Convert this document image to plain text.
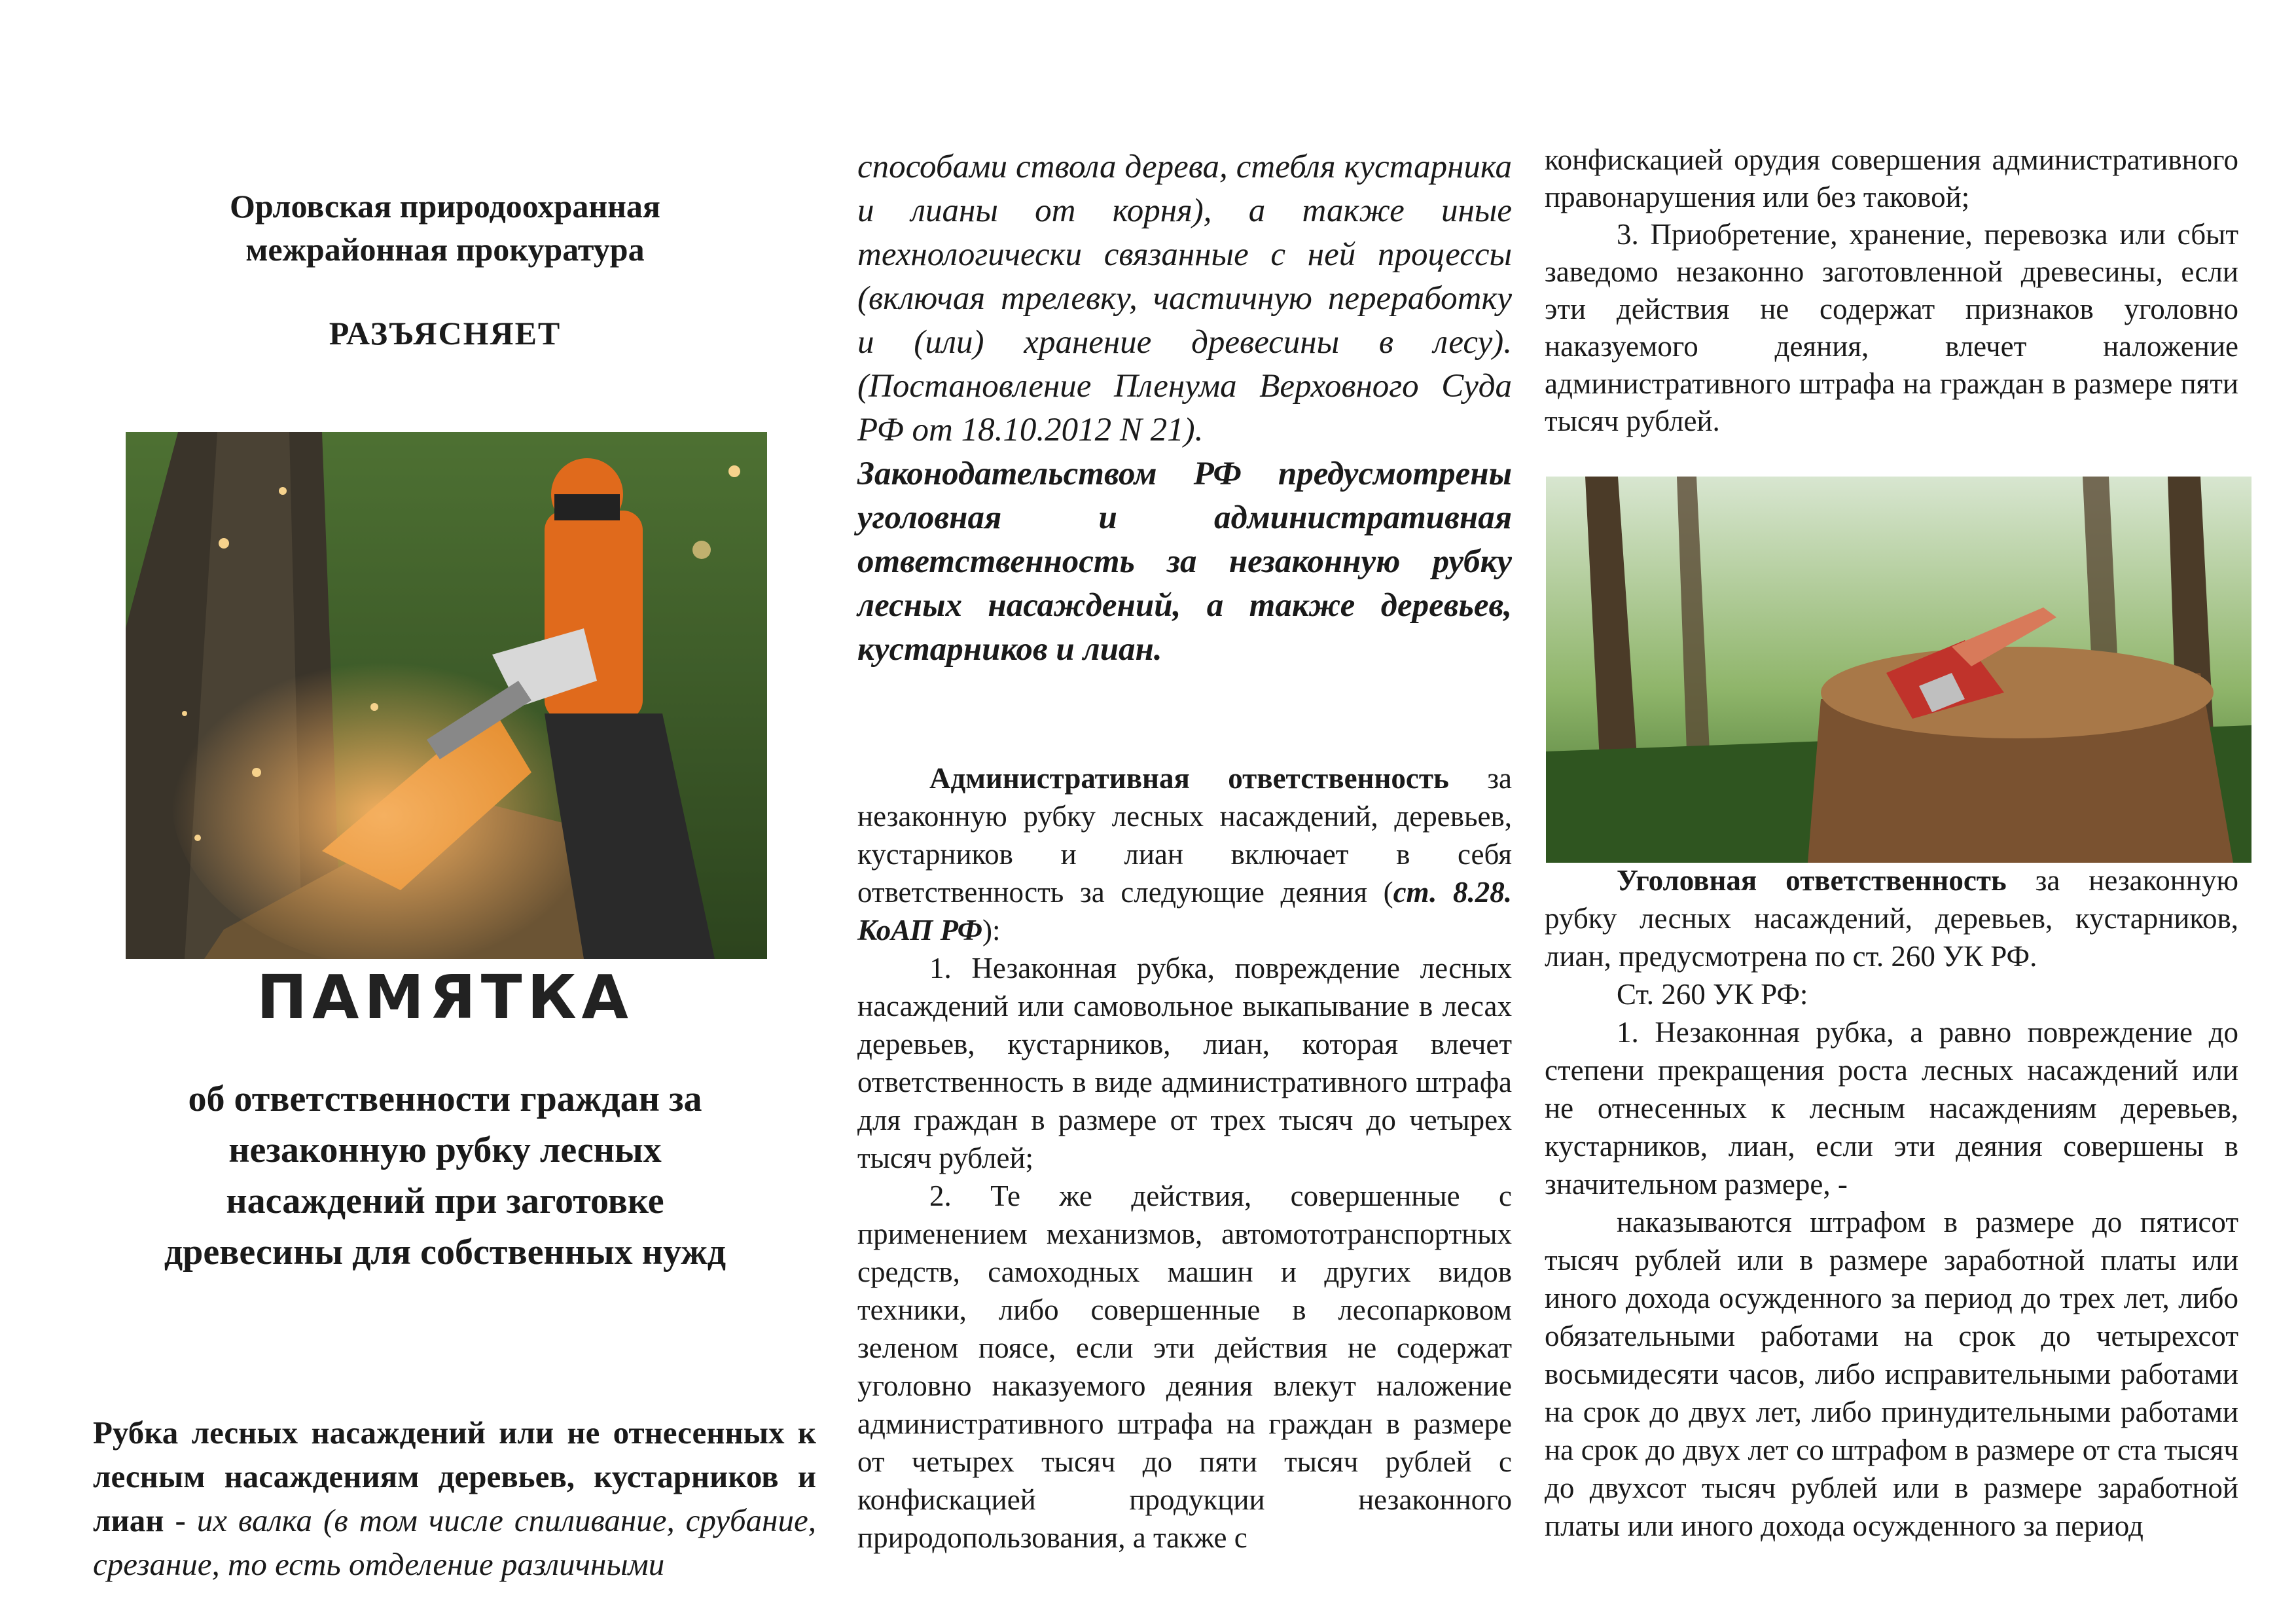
Орловская природоохранная
межрайонная прокуратура
РАЗЪЯСНЯЕТ
ПАМЯТКА
об ответственности граждан за
незаконную рубку лесных
насаждений при заготовке
древесины для собственных нужд

Рубка лесных насаждений или не отнесенных к лесным насаждениям деревьев, кустарников и лиан - их валка (в том числе спиливание, срубание, срезание, то есть отделение различными

способами ствола дерева, стебля кустарника и лианы от корня), а также иные технологически связанные с ней процессы (включая трелевку, частичную переработку и (или) хранение древесины в лесу). (Постановление Пленума Верховного Суда РФ от 18.10.2012 N 21).

Законодательством РФ предусмотрены уголовная и административная ответственность за незаконную рубку лесных насаждений, а также деревьев, кустарников и лиан.

Административная ответственность за незаконную рубку лесных насаждений, деревьев, кустарников и лиан включает в себя ответственность за следующие деяния (ст. 8.28. КоАП РФ):

1. Незаконная рубка, повреждение лесных насаждений или самовольное выкапывание в лесах деревьев, кустарников, лиан, которая влечет ответственность в виде административного штрафа для граждан в размере от трех тысяч до четырех тысяч рублей;

2. Те же действия, совершенные с применением механизмов, автомототранспортных средств, самоходных машин и других видов техники, либо совершенные в лесопарковом зеленом поясе, если эти действия не содержат уголовно наказуемого деяния влекут наложение административного штрафа на граждан в размере от четырех тысяч до пяти тысяч рублей с конфискацией продукции незаконного природопользования, а также с

конфискацией орудия совершения административного правонарушения или без таковой;

3. Приобретение, хранение, перевозка или сбыт заведомо незаконно заготовленной древесины, если эти действия не содержат признаков уголовно наказуемого деяния, влечет наложение административного штрафа на граждан в размере пяти тысяч рублей.

Уголовная ответственность за незаконную рубку лесных насаждений, деревьев, кустарников, лиан, предусмотрена по ст. 260 УК РФ.

Ст. 260 УК РФ:

1. Незаконная рубка, а равно повреждение до степени прекращения роста лесных насаждений или не отнесенных к лесным насаждениям деревьев, кустарников, лиан, если эти деяния совершены в значительном размере, -

наказываются штрафом в размере до пятисот тысяч рублей или в размере заработной платы или иного дохода осужденного за период до трех лет, либо обязательными работами на срок до четырехсот восьмидесяти часов, либо исправительными работами на срок до двух лет, либо принудительными работами на срок до двух лет со штрафом в размере от ста тысяч до двухсот тысяч рублей или в размере заработной платы или иного дохода осужденного за период
